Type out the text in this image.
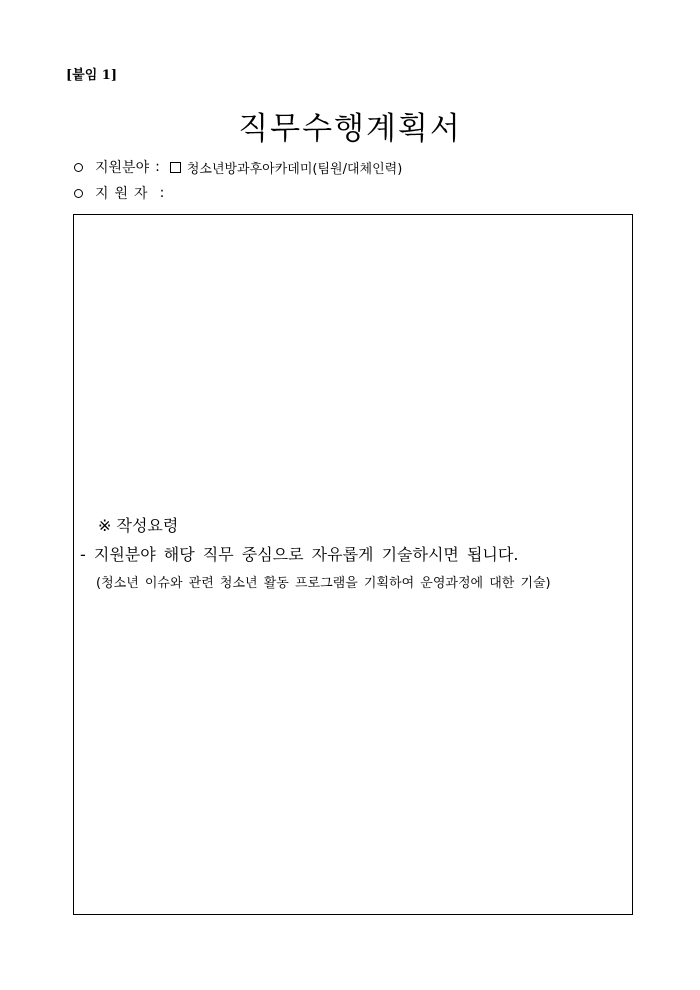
[붙임 1]
직무수행계획서
지원분야 : 청소년방과후아카데미(팀원/대체인력)
지원자 :
※ 작성요령
- 지원분야 해당 직무 중심으로 자유롭게 기술하시면 됩니다.
(청소년 이슈와 관련 청소년 활동 프로그램을 기획하여 운영과정에 대한 기술)
